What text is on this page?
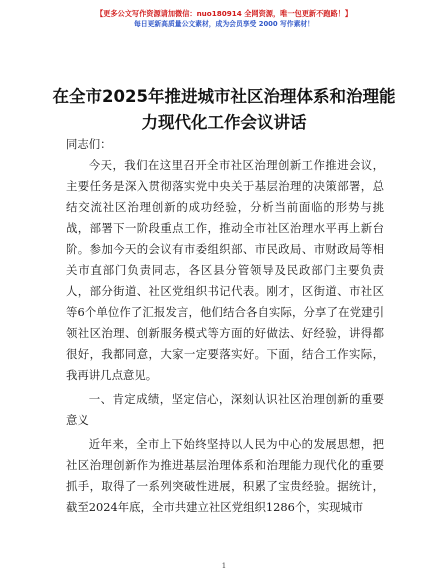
【更多公文写作资源请加微信：nuo180914 全网资源，唯一包更新不跑路！】
每日更新高质量公文素材，成为会员享受 2000 写作素材！
在全市2025年推进城市社区治理体系和治理能力现代化工作会议讲话

同志们：

今天，我们在这里召开全市社区治理创新工作推进会议，主要任务是深入贯彻落实党中央关于基层治理的决策部署，总结交流社区治理创新的成功经验，分析当前面临的形势与挑战，部署下一阶段重点工作，推动全市社区治理水平再上新台阶。参加今天的会议有市委组织部、市民政局、市财政局等相关市直部门负责同志，各区县分管领导及民政部门主要负责人，部分街道、社区党组织书记代表。刚才，区街道、市社区等6个单位作了汇报发言，他们结合各自实际，分享了在党建引领社区治理、创新服务模式等方面的好做法、好经验，讲得都很好，我都同意，大家一定要落实好。下面，结合工作实际，我再讲几点意见。

一、肯定成绩，坚定信心，深刻认识社区治理创新的重要意义

近年来，全市上下始终坚持以人民为中心的发展思想，把社区治理创新作为推进基层治理体系和治理能力现代化的重要抓手，取得了一系列突破性进展，积累了宝贵经验。据统计，截至2024年底，全市共建立社区党组织1286个，实现城市

1
